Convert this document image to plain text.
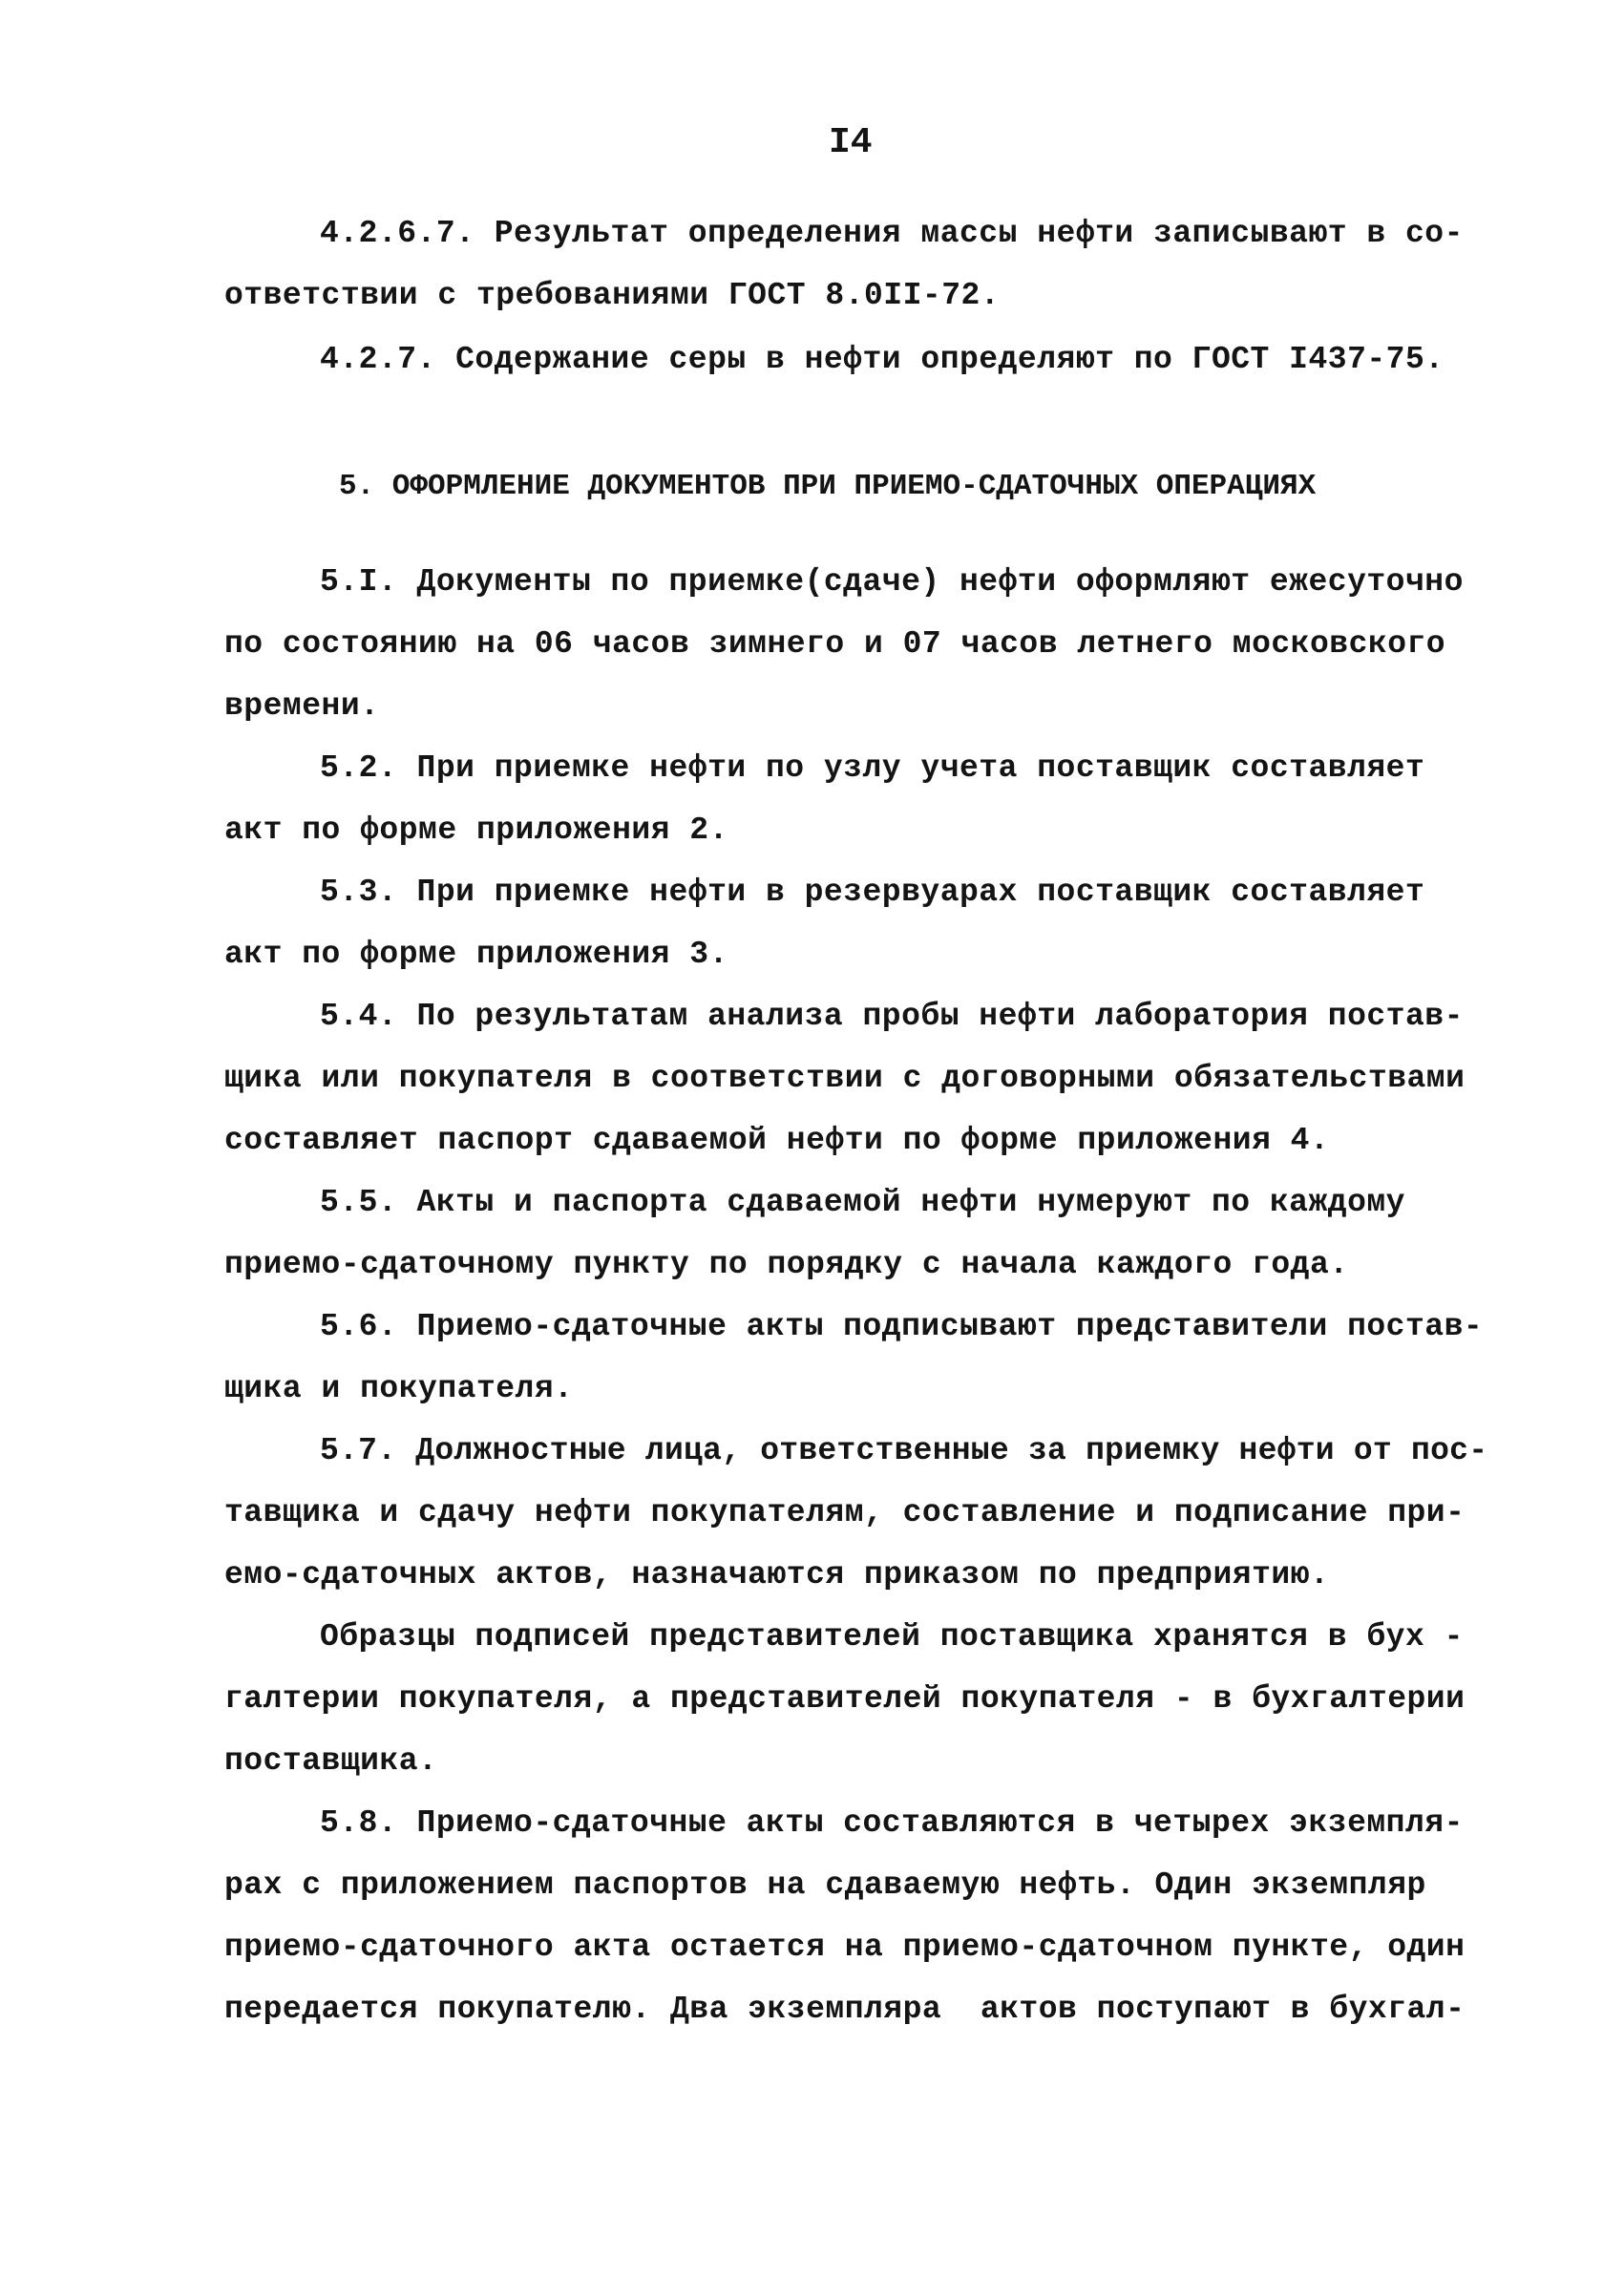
I4
4.2.6.7. Результат определения массы нефти записывают в со-
ответствии с требованиями ГОСТ 8.0II-72.
4.2.7. Содержание серы в нефти определяют по ГОСТ I437-75.
5. ОФОРМЛЕНИЕ ДОКУМЕНТОВ ПРИ ПРИЕМО-СДАТОЧНЫХ ОПЕРАЦИЯХ
5.I. Документы по приемке(сдаче) нефти оформляют ежесуточно
по состоянию на 06 часов зимнего и 07 часов летнего московского
времени.
5.2. При приемке нефти по узлу учета поставщик составляет
акт по форме приложения 2.
5.3. При приемке нефти в резервуарах поставщик составляет
акт по форме приложения 3.
5.4. По результатам анализа пробы нефти лаборатория постав-
щика или покупателя в соответствии с договорными обязательствами
составляет паспорт сдаваемой нефти по форме приложения 4.
5.5. Акты и паспорта сдаваемой нефти нумеруют по каждому
приемо-сдаточному пункту по порядку с начала каждого года.
5.6. Приемо-сдаточные акты подписывают представители постав-
щика и покупателя.
5.7. Должностные лица, ответственные за приемку нефти от пос-
тавщика и сдачу нефти покупателям, составление и подписание при-
емо-сдаточных актов, назначаются приказом по предприятию.
Образцы подписей представителей поставщика хранятся в бух -
галтерии покупателя, а представителей покупателя - в бухгалтерии
поставщика.
5.8. Приемо-сдаточные акты составляются в четырех экземпля-
рах с приложением паспортов на сдаваемую нефть. Один экземпляр
приемо-сдаточного акта остается на приемо-сдаточном пункте, один
передается покупателю. Два экземпляра  актов поступают в бухгал-
